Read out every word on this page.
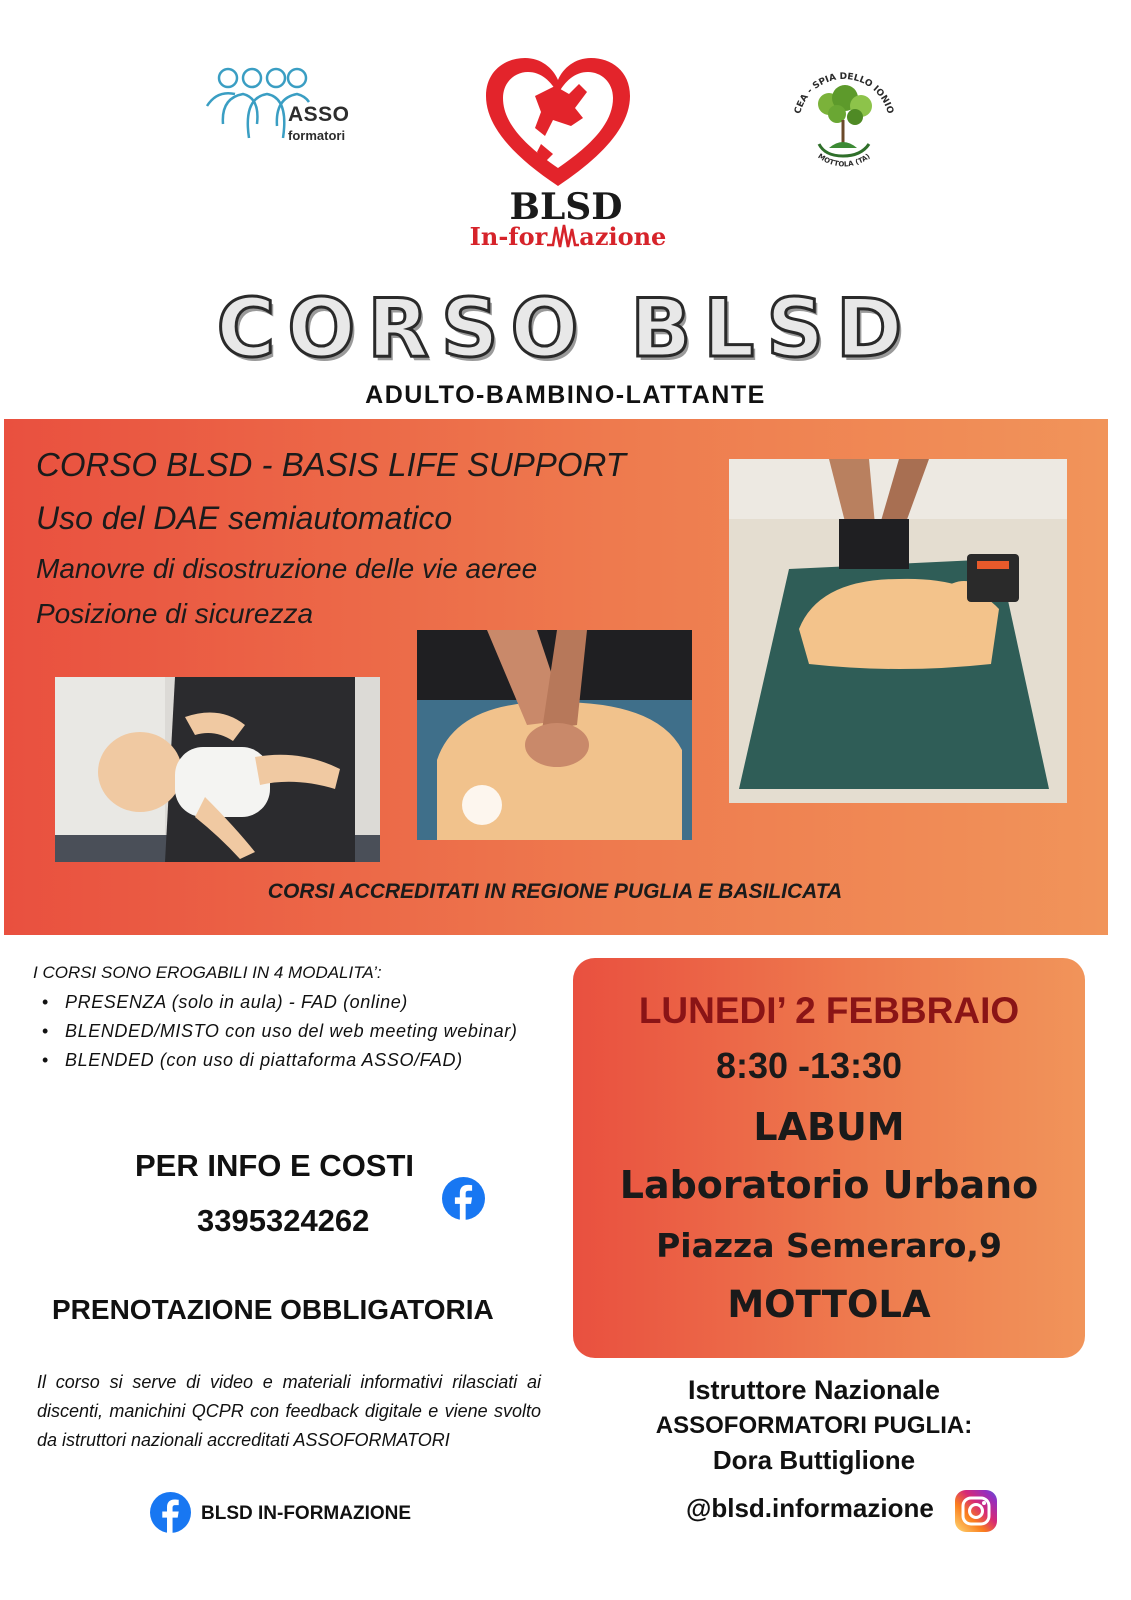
ASSO
formatori
BLSD
In-for azione
CEA - SPIA DELLO IONIO
MOTTOLA (TA)
CORSO BLSD
ADULTO-BAMBINO-LATTANTE
CORSO BLSD - BASIS LIFE SUPPORT
Uso del DAE semiautomatico
Manovre di disostruzione delle vie aeree
Posizione di sicurezza
CORSI ACCREDITATI IN REGIONE PUGLIA E BASILICATA
I CORSI SONO EROGABILI IN 4 MODALITA’:
• PRESENZA (solo in aula) - FAD (online)
• BLENDED/MISTO con uso del web meeting webinar)
• BLENDED (con uso di piattaforma ASSO/FAD)
PER INFO E COSTI
3395324262
PRENOTAZIONE OBBLIGATORIA
Il corso si serve di video e materiali informativi rilasciati ai discenti, manichini QCPR con feedback digitale e viene svolto da istruttori nazionali accreditati ASSOFORMATORI
BLSD IN-FORMAZIONE
LUNEDI’ 2 FEBBRAIO
8:30 -13:30
LABUM
Laboratorio Urbano
Piazza Semeraro,9
MOTTOLA
Istruttore Nazionale
ASSOFORMATORI PUGLIA:
Dora Buttiglione
@blsd.informazione
